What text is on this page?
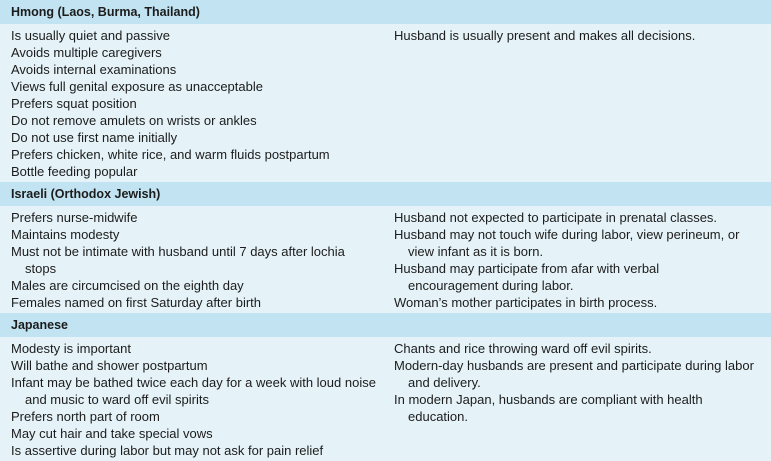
Hmong (Laos, Burma, Thailand)
Is usually quiet and passive
Avoids multiple caregivers
Avoids internal examinations
Views full genital exposure as unacceptable
Prefers squat position
Do not remove amulets on wrists or ankles
Do not use first name initially
Prefers chicken, white rice, and warm fluids postpartum
Bottle feeding popular
Husband is usually present and makes all decisions.
Israeli (Orthodox Jewish)
Prefers nurse-midwife
Maintains modesty
Must not be intimate with husband until 7 days after lochia stops
Males are circumcised on the eighth day
Females named on first Saturday after birth
Husband not expected to participate in prenatal classes.
Husband may not touch wife during labor, view perineum, or view infant as it is born.
Husband may participate from afar with verbal encouragement during labor.
Woman’s mother participates in birth process.
Japanese
Modesty is important
Will bathe and shower postpartum
Infant may be bathed twice each day for a week with loud noise and music to ward off evil spirits
Prefers north part of room
May cut hair and take special vows
Is assertive during labor but may not ask for pain relief
Chants and rice throwing ward off evil spirits.
Modern-day husbands are present and participate during labor and delivery.
In modern Japan, husbands are compliant with health education.
